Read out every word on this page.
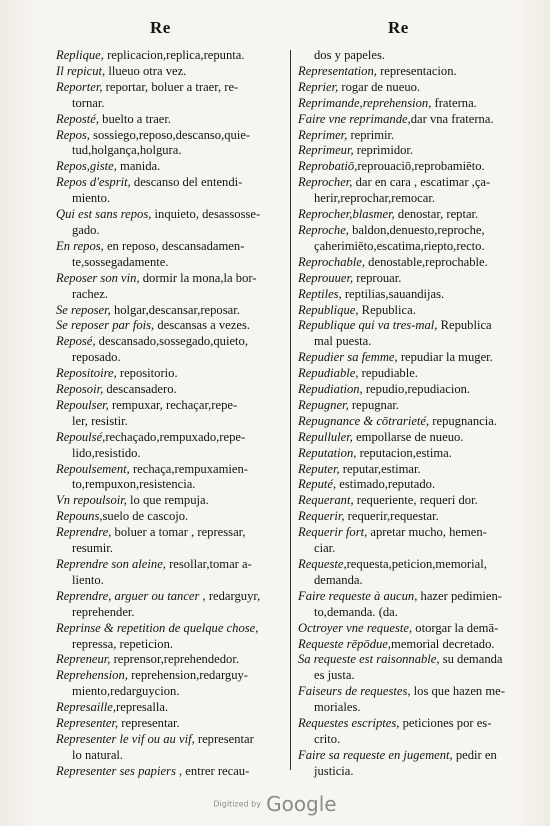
Re	Re
Replique, replicacion,replica,repunta.
Il repicut, llueuo otra vez.
Reporter, reportar, boluer a traer, re-
tornar.
Reposté, buelto a traer.
Repos, sossiego,reposo,descanso,quie-
tud,holgança,holgura.
Repos,giste, manida.
Repos d'esprit, descanso del entendi-
miento.
Qui est sans repos, inquieto, desassosse-
gado.
En repos, en reposo, descansadamen-
te,sossegadamente.
Reposer son vin, dormir la mona,la bor-
rachez.
Se reposer, holgar,descansar,reposar.
Se reposer par fois, descansas a vezes.
Reposé, descansado,sossegado,quieto,
reposado.
Repositoire, repositorio.
Reposoir, descansadero.
Repoulser, rempuxar, rechaçar,repe-
ler, resistir.
Repoulsé,rechaçado,rempuxado,repe-
lido,resistido.
Repoulsement, rechaça,rempuxamien-
to,rempuxon,resistencia.
Vn repoulsoir, lo que rempuja.
Repouns,suelo de cascojo.
Reprendre, boluer a tomar , repressar,
resumir.
Reprendre son aleine, resollar,tomar a-
liento.
Reprendre, arguer ou tancer , redarguyr,
reprehender.
Reprinse & repetition de quelque chose,
repressa, repeticion.
Repreneur, reprensor,reprehendedor.
Reprehension, reprehension,redarguy-
miento,redarguycion.
Represaille,represalla.
Representer, representar.
Representer le vif ou au vif, representar
lo natural.
Representer ses papiers , entrer recau-
dos y papeles.
Representation, representacion.
Reprier, rogar de nueuo.
Reprimande,reprehension, fraterna.
Faire vne reprimande,dar vna fraterna.
Reprimer, reprimir.
Reprimeur, reprimidor.
Reprobatiō,reprouaciō,reprobamiēto.
Reprocher, dar en cara , escatimar ,ça-
herir,reprochar,remocar.
Reprocher,blasmer, denostar, reptar.
Reproche, baldon,denuesto,reproche,
çaherimiēto,escatima,riepto,recto.
Reprochable, denostable,reprochable.
Reprouuer, reprouar.
Reptiles, reptilias,sauandijas.
Republique, Republica.
Republique qui va tres-mal, Republica
mal puesta.
Repudier sa femme, repudiar la muger.
Repudiable, repudiable.
Repudiation, repudio,repudiacion.
Repugner, repugnar.
Repugnance & cōtrarieté, repugnancia.
Repulluler, empollarse de nueuo.
Reputation, reputacion,estima.
Reputer, reputar,estimar.
Reputé, estimado,reputado.
Requerant, requeriente, requeri dor.
Requerir, requerir,requestar.
Requerir fort, apretar mucho, hemen-
ciar.
Requeste,requesta,peticion,memorial,
demanda.
Faire requeste à aucun, hazer pedimien-
to,demanda. (da.
Octroyer vne requeste, otorgar la demā-
Requeste rēpōdue,memorial decretado.
Sa requeste est raisonnable, su demanda
es justa.
Faiseurs de requestes, los que hazen me-
moriales.
Requestes escriptes, peticiones por es-
crito.
Faire sa requeste en jugement, pedir en
justicia.
Digitized by Google
